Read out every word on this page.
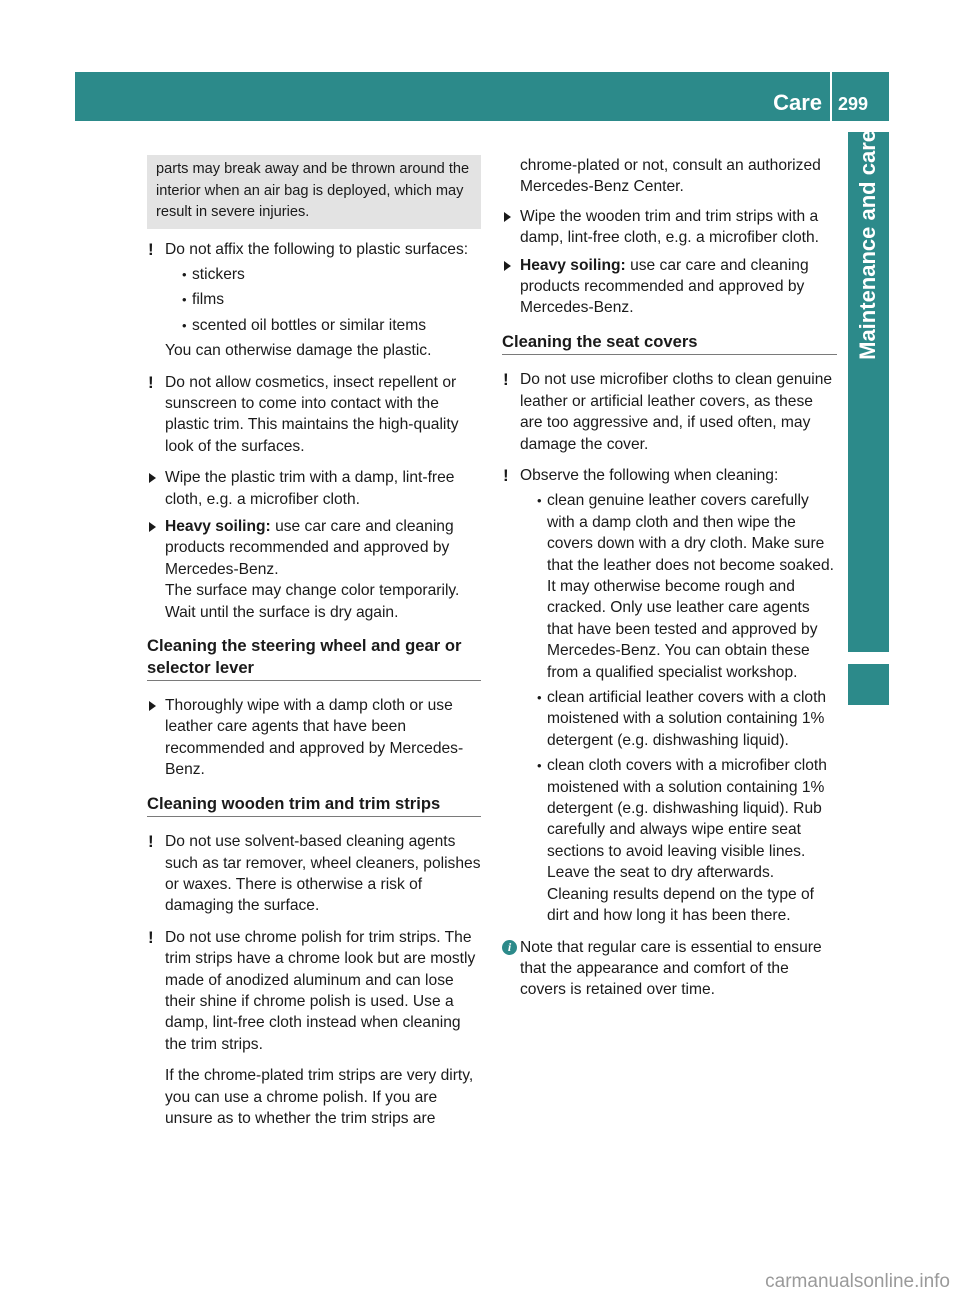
Care 299
Maintenance and care
parts may break away and be thrown around the interior when an air bag is deployed, which may result in severe injuries.
! Do not affix the following to plastic surfaces:
• stickers
• films
• scented oil bottles or similar items
You can otherwise damage the plastic.
! Do not allow cosmetics, insect repellent or sunscreen to come into contact with the plastic trim. This maintains the high-quality look of the surfaces.
Wipe the plastic trim with a damp, lint-free cloth, e.g. a microfiber cloth.
Heavy soiling: use car care and cleaning products recommended and approved by Mercedes-Benz.
The surface may change color temporarily. Wait until the surface is dry again.
Cleaning the steering wheel and gear or selector lever
Thoroughly wipe with a damp cloth or use leather care agents that have been recommended and approved by Mercedes-Benz.
Cleaning wooden trim and trim strips
! Do not use solvent-based cleaning agents such as tar remover, wheel cleaners, polishes or waxes. There is otherwise a risk of damaging the surface.
! Do not use chrome polish for trim strips. The trim strips have a chrome look but are mostly made of anodized aluminum and can lose their shine if chrome polish is used. Use a damp, lint-free cloth instead when cleaning the trim strips.
If the chrome-plated trim strips are very dirty, you can use a chrome polish. If you are unsure as to whether the trim strips are
chrome-plated or not, consult an authorized Mercedes-Benz Center.
Wipe the wooden trim and trim strips with a damp, lint-free cloth, e.g. a microfiber cloth.
Heavy soiling: use car care and cleaning products recommended and approved by Mercedes-Benz.
Cleaning the seat covers
! Do not use microfiber cloths to clean genuine leather or artificial leather covers, as these are too aggressive and, if used often, may damage the cover.
! Observe the following when cleaning:
• clean genuine leather covers carefully with a damp cloth and then wipe the covers down with a dry cloth. Make sure that the leather does not become soaked. It may otherwise become rough and cracked. Only use leather care agents that have been tested and approved by Mercedes-Benz. You can obtain these from a qualified specialist workshop.
• clean artificial leather covers with a cloth moistened with a solution containing 1% detergent (e.g. dishwashing liquid).
• clean cloth covers with a microfiber cloth moistened with a solution containing 1% detergent (e.g. dishwashing liquid). Rub carefully and always wipe entire seat sections to avoid leaving visible lines. Leave the seat to dry afterwards. Cleaning results depend on the type of dirt and how long it has been there.
i Note that regular care is essential to ensure that the appearance and comfort of the covers is retained over time.
carmanualsonline.info
